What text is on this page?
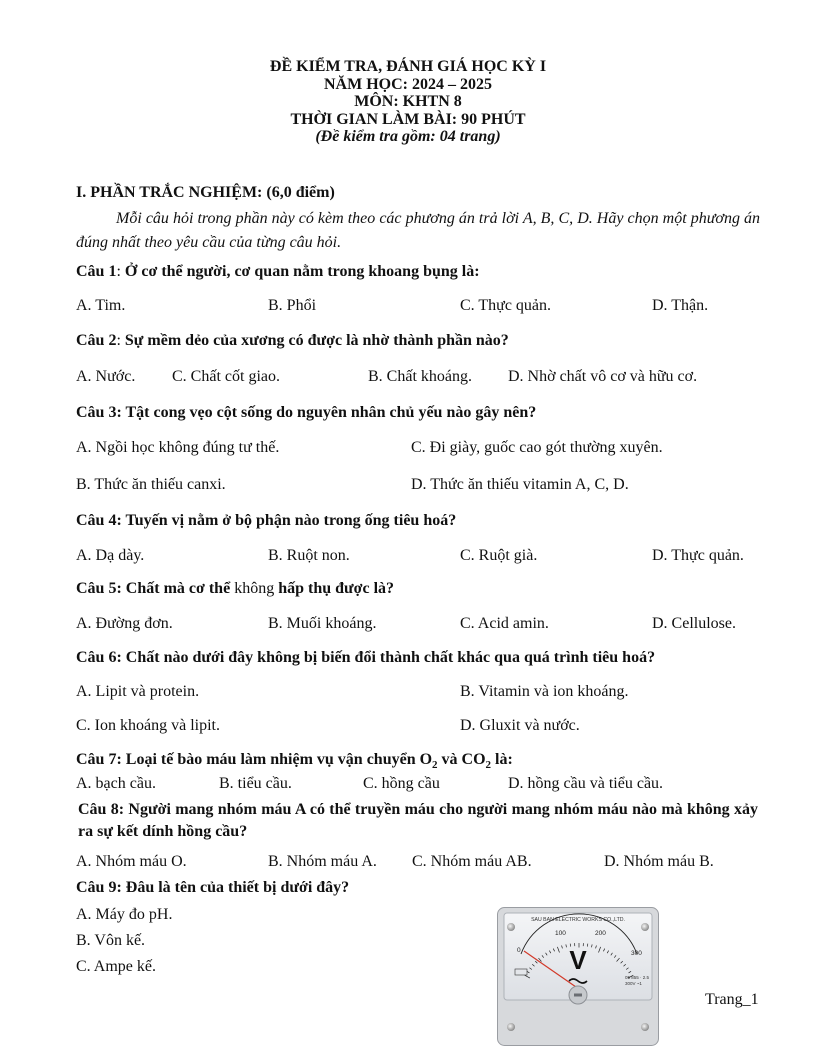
ĐỀ KIỂM TRA, ĐÁNH GIÁ HỌC KỲ I
NĂM HỌC: 2024 – 2025
MÔN: KHTN 8
THỜI GIAN LÀM BÀI: 90 PHÚT
(Đề kiểm tra gồm: 04 trang)
I. PHẦN TRẮC NGHIỆM: (6,0 điểm)
Mỗi câu hỏi trong phần này có kèm theo các phương án trả lời A, B, C, D. Hãy chọn một phương án đúng nhất theo yêu cầu của từng câu hỏi.
Câu 1: Ở cơ thể người, cơ quan nằm trong khoang bụng là:
A. Tim.	B. Phổi	C. Thực quản.	D. Thận.
Câu 2: Sự mềm dẻo của xương có được là nhờ thành phần nào?
A. Nước. C. Chất cốt giao.	B. Chất khoáng. D. Nhờ chất vô cơ và hữu cơ.
Câu 3: Tật cong vẹo cột sống do nguyên nhân chủ yếu nào gây nên?
A. Ngồi học không đúng tư thế.	C. Đi giày, guốc cao gót thường xuyên.
B. Thức ăn thiếu canxi.	D. Thức ăn thiếu vitamin A, C, D.
Câu 4: Tuyến vị nằm ở bộ phận nào trong ống tiêu hoá?
A. Dạ dày.	B. Ruột non.	C. Ruột già.	D. Thực quản.
Câu 5: Chất mà cơ thể không hấp thụ được là?
A. Đường đơn.	B. Muối khoáng.	C. Acid amin.	D. Cellulose.
Câu 6: Chất nào dưới đây không bị biến đổi thành chất khác qua quá trình tiêu hoá?
A. Lipit và protein.	B. Vitamin và ion khoáng.
C. Ion khoáng và lipit.	D. Gluxit và nước.
Câu 7: Loại tế bào máu làm nhiệm vụ vận chuyển $O_2$ và $CO_2$ là:
A. bạch cầu.	B. tiểu cầu.	C. hồng cầu	D. hồng cầu và tiểu cầu.
Câu 8: Người mang nhóm máu A có thể truyền máu cho người mang nhóm máu nào mà không xảy ra sự kết dính hồng cầu?
A. Nhóm máu O.	B. Nhóm máu A. C. Nhóm máu AB.	D. Nhóm máu B.
Câu 9: Đâu là tên của thiết bị dưới đây?
A. Máy đo pH.
B. Vôn kế.
C. Ampe kế.
SAU BAN ELECTRIC WORKS CO.,LTD.
0
100	200
300
V
05 855 · 2.5
300V ~1
Trang_1
